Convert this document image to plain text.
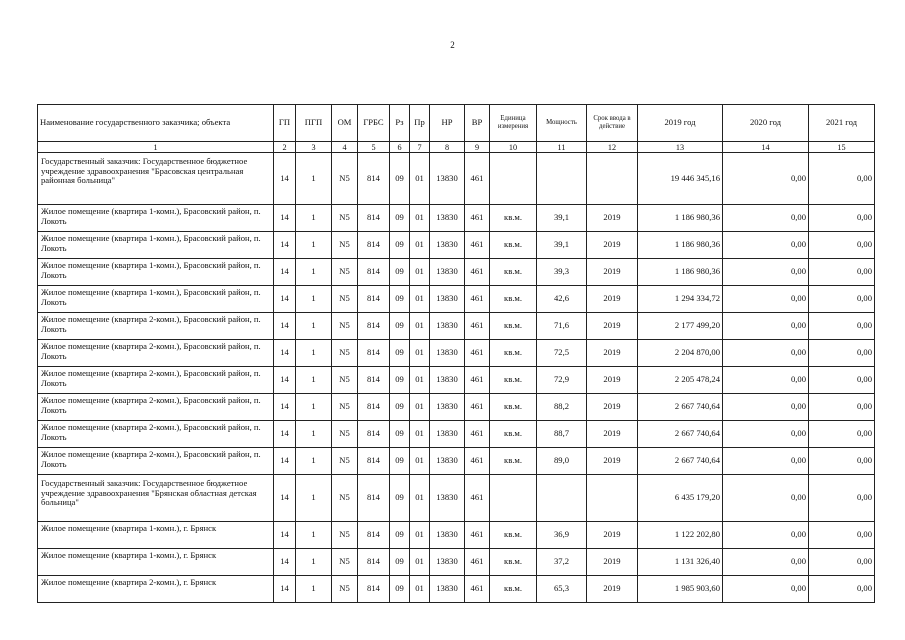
2
Наименование государственного заказчика; объекта	ГП	ПГП	ОМ	ГРБС	Рз	Пр	НР	ВР	Единица измерения	Мощность	Срок ввода в действие	2019 год	2020 год	2021 год
1	2	3	4	5	6	7	8	9	10	11	12	13	14	15
Государственный заказчик: Государственное бюджетное учреждение здравоохранения "Брасовская центральная районная больница"	14	1	N5	814	09	01	13830	461				19 446 345,16	0,00	0,00
Жилое помещение (квартира 1-комн.), Брасовский район, п. Локоть	14	1	N5	814	09	01	13830	461	кв.м.	39,1	2019	1 186 980,36	0,00	0,00
Жилое помещение (квартира 1-комн.), Брасовский район, п. Локоть	14	1	N5	814	09	01	13830	461	кв.м.	39,1	2019	1 186 980,36	0,00	0,00
Жилое помещение (квартира 1-комн.), Брасовский район, п. Локоть	14	1	N5	814	09	01	13830	461	кв.м.	39,3	2019	1 186 980,36	0,00	0,00
Жилое помещение (квартира 1-комн.), Брасовский район, п. Локоть	14	1	N5	814	09	01	13830	461	кв.м.	42,6	2019	1 294 334,72	0,00	0,00
Жилое помещение (квартира 2-комн.), Брасовский район, п. Локоть	14	1	N5	814	09	01	13830	461	кв.м.	71,6	2019	2 177 499,20	0,00	0,00
Жилое помещение (квартира 2-комн.), Брасовский район, п. Локоть	14	1	N5	814	09	01	13830	461	кв.м.	72,5	2019	2 204 870,00	0,00	0,00
Жилое помещение (квартира 2-комн.), Брасовский район, п. Локоть	14	1	N5	814	09	01	13830	461	кв.м.	72,9	2019	2 205 478,24	0,00	0,00
Жилое помещение (квартира 2-комн.), Брасовский район, п. Локоть	14	1	N5	814	09	01	13830	461	кв.м.	88,2	2019	2 667 740,64	0,00	0,00
Жилое помещение (квартира 2-комн.), Брасовский район, п. Локоть	14	1	N5	814	09	01	13830	461	кв.м.	88,7	2019	2 667 740,64	0,00	0,00
Жилое помещение (квартира 2-комн.), Брасовский район, п. Локоть	14	1	N5	814	09	01	13830	461	кв.м.	89,0	2019	2 667 740,64	0,00	0,00
Государственный заказчик: Государственное бюджетное учреждение здравоохранения "Брянская областная детская больница"	14	1	N5	814	09	01	13830	461				6 435 179,20	0,00	0,00
Жилое помещение (квартира 1-комн.), г. Брянск	14	1	N5	814	09	01	13830	461	кв.м.	36,9	2019	1 122 202,80	0,00	0,00
Жилое помещение (квартира 1-комн.), г. Брянск	14	1	N5	814	09	01	13830	461	кв.м.	37,2	2019	1 131 326,40	0,00	0,00
Жилое помещение (квартира 2-комн.), г. Брянск	14	1	N5	814	09	01	13830	461	кв.м.	65,3	2019	1 985 903,60	0,00	0,00
